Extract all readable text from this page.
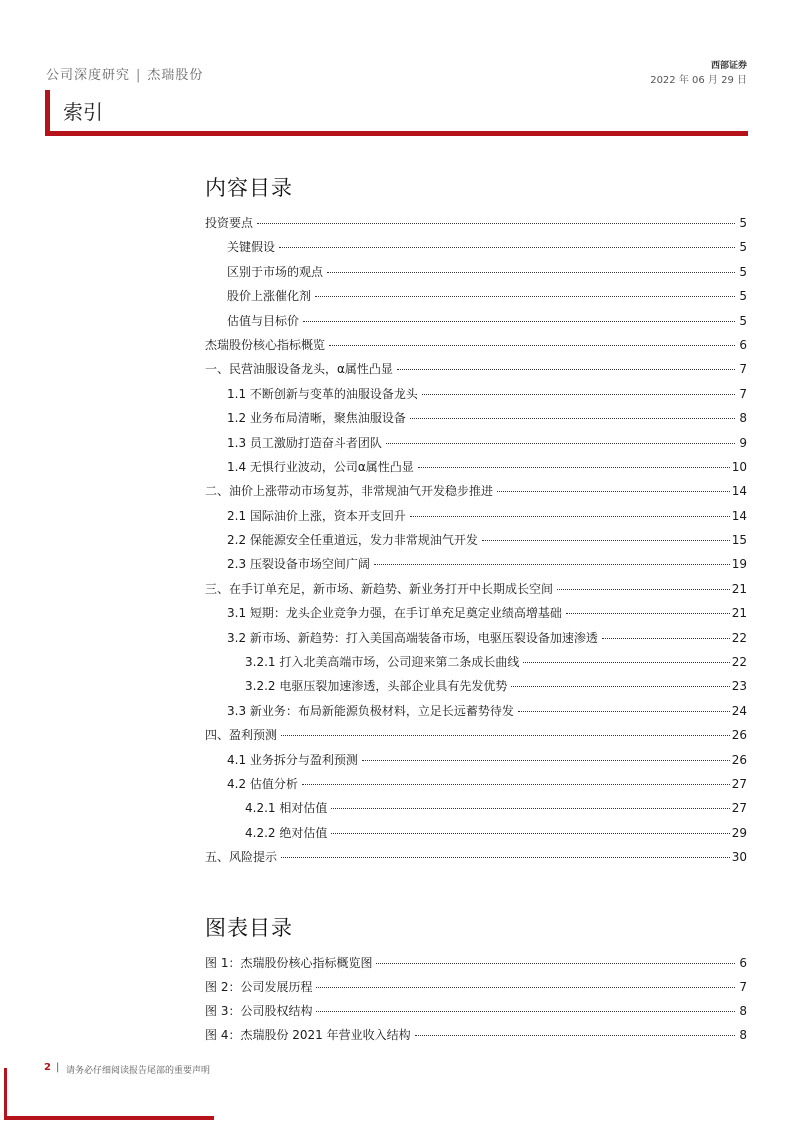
公司深度研究 | 杰瑞股份
西部证券
2022 年 06 月 29 日
索引
内容目录
投资要点	5
关键假设	5
区别于市场的观点	5
股价上涨催化剂	5
估值与目标价	5
杰瑞股份核心指标概览	6
一、民营油服设备龙头，α属性凸显	7
1.1 不断创新与变革的油服设备龙头	7
1.2 业务布局清晰，聚焦油服设备	8
1.3 员工激励打造奋斗者团队	9
1.4 无惧行业波动，公司α属性凸显	10
二、油价上涨带动市场复苏，非常规油气开发稳步推进	14
2.1 国际油价上涨，资本开支回升	14
2.2 保能源安全任重道远，发力非常规油气开发	15
2.3 压裂设备市场空间广阔	19
三、在手订单充足，新市场、新趋势、新业务打开中长期成长空间	21
3.1 短期：龙头企业竞争力强，在手订单充足奠定业绩高增基础	21
3.2 新市场、新趋势：打入美国高端装备市场，电驱压裂设备加速渗透	22
3.2.1 打入北美高端市场，公司迎来第二条成长曲线	22
3.2.2 电驱压裂加速渗透，头部企业具有先发优势	23
3.3 新业务：布局新能源负极材料，立足长远蓄势待发	24
四、盈利预测	26
4.1 业务拆分与盈利预测	26
4.2 估值分析	27
4.2.1 相对估值	27
4.2.2 绝对估值	29
五、风险提示	30
图表目录
图 1：杰瑞股份核心指标概览图	6
图 2：公司发展历程	7
图 3：公司股权结构	8
图 4：杰瑞股份 2021 年营业收入结构	8
2 | 请务必仔细阅读报告尾部的重要声明
